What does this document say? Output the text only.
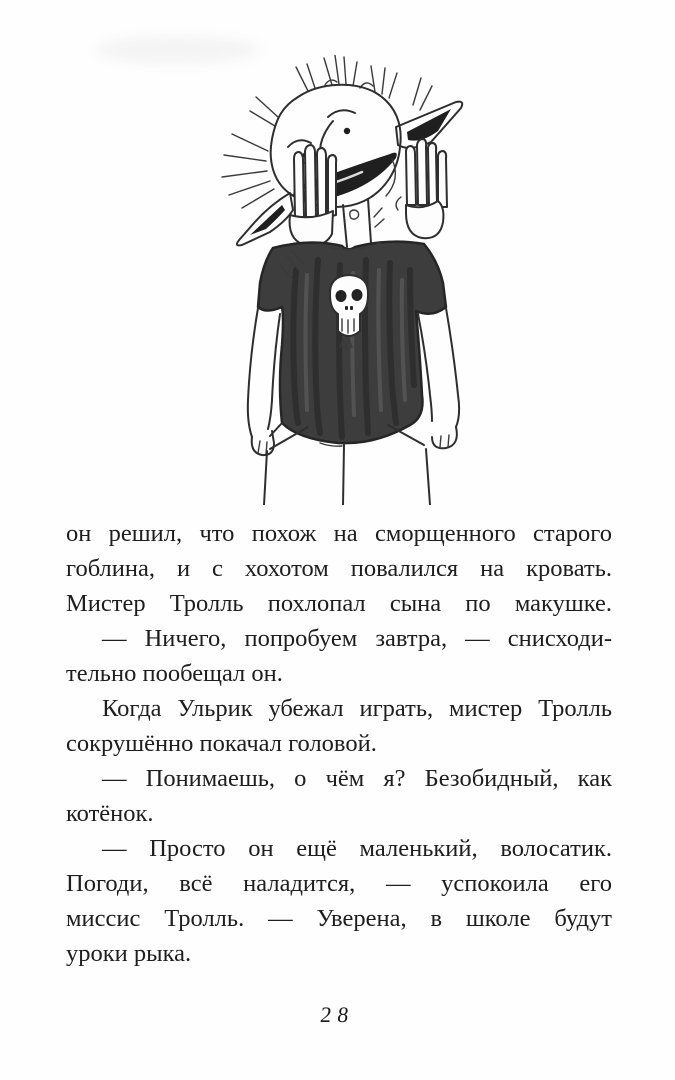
он решил, что похож на сморщенного старого
гоблина, и с хохотом повалился на кровать.
Мистер Тролль похлопал сына по макушке.

— Ничего, попробуем завтра, — снисходи-
тельно пообещал он.

Когда Ульрик убежал играть, мистер Тролль
сокрушённо покачал головой.

— Понимаешь, о чём я? Безобидный, как
котёнок.

— Просто он ещё маленький, волосатик.
Погоди, всё наладится, — успокоила его
миссис Тролль. — Уверена, в школе будут
уроки рыка.

28
